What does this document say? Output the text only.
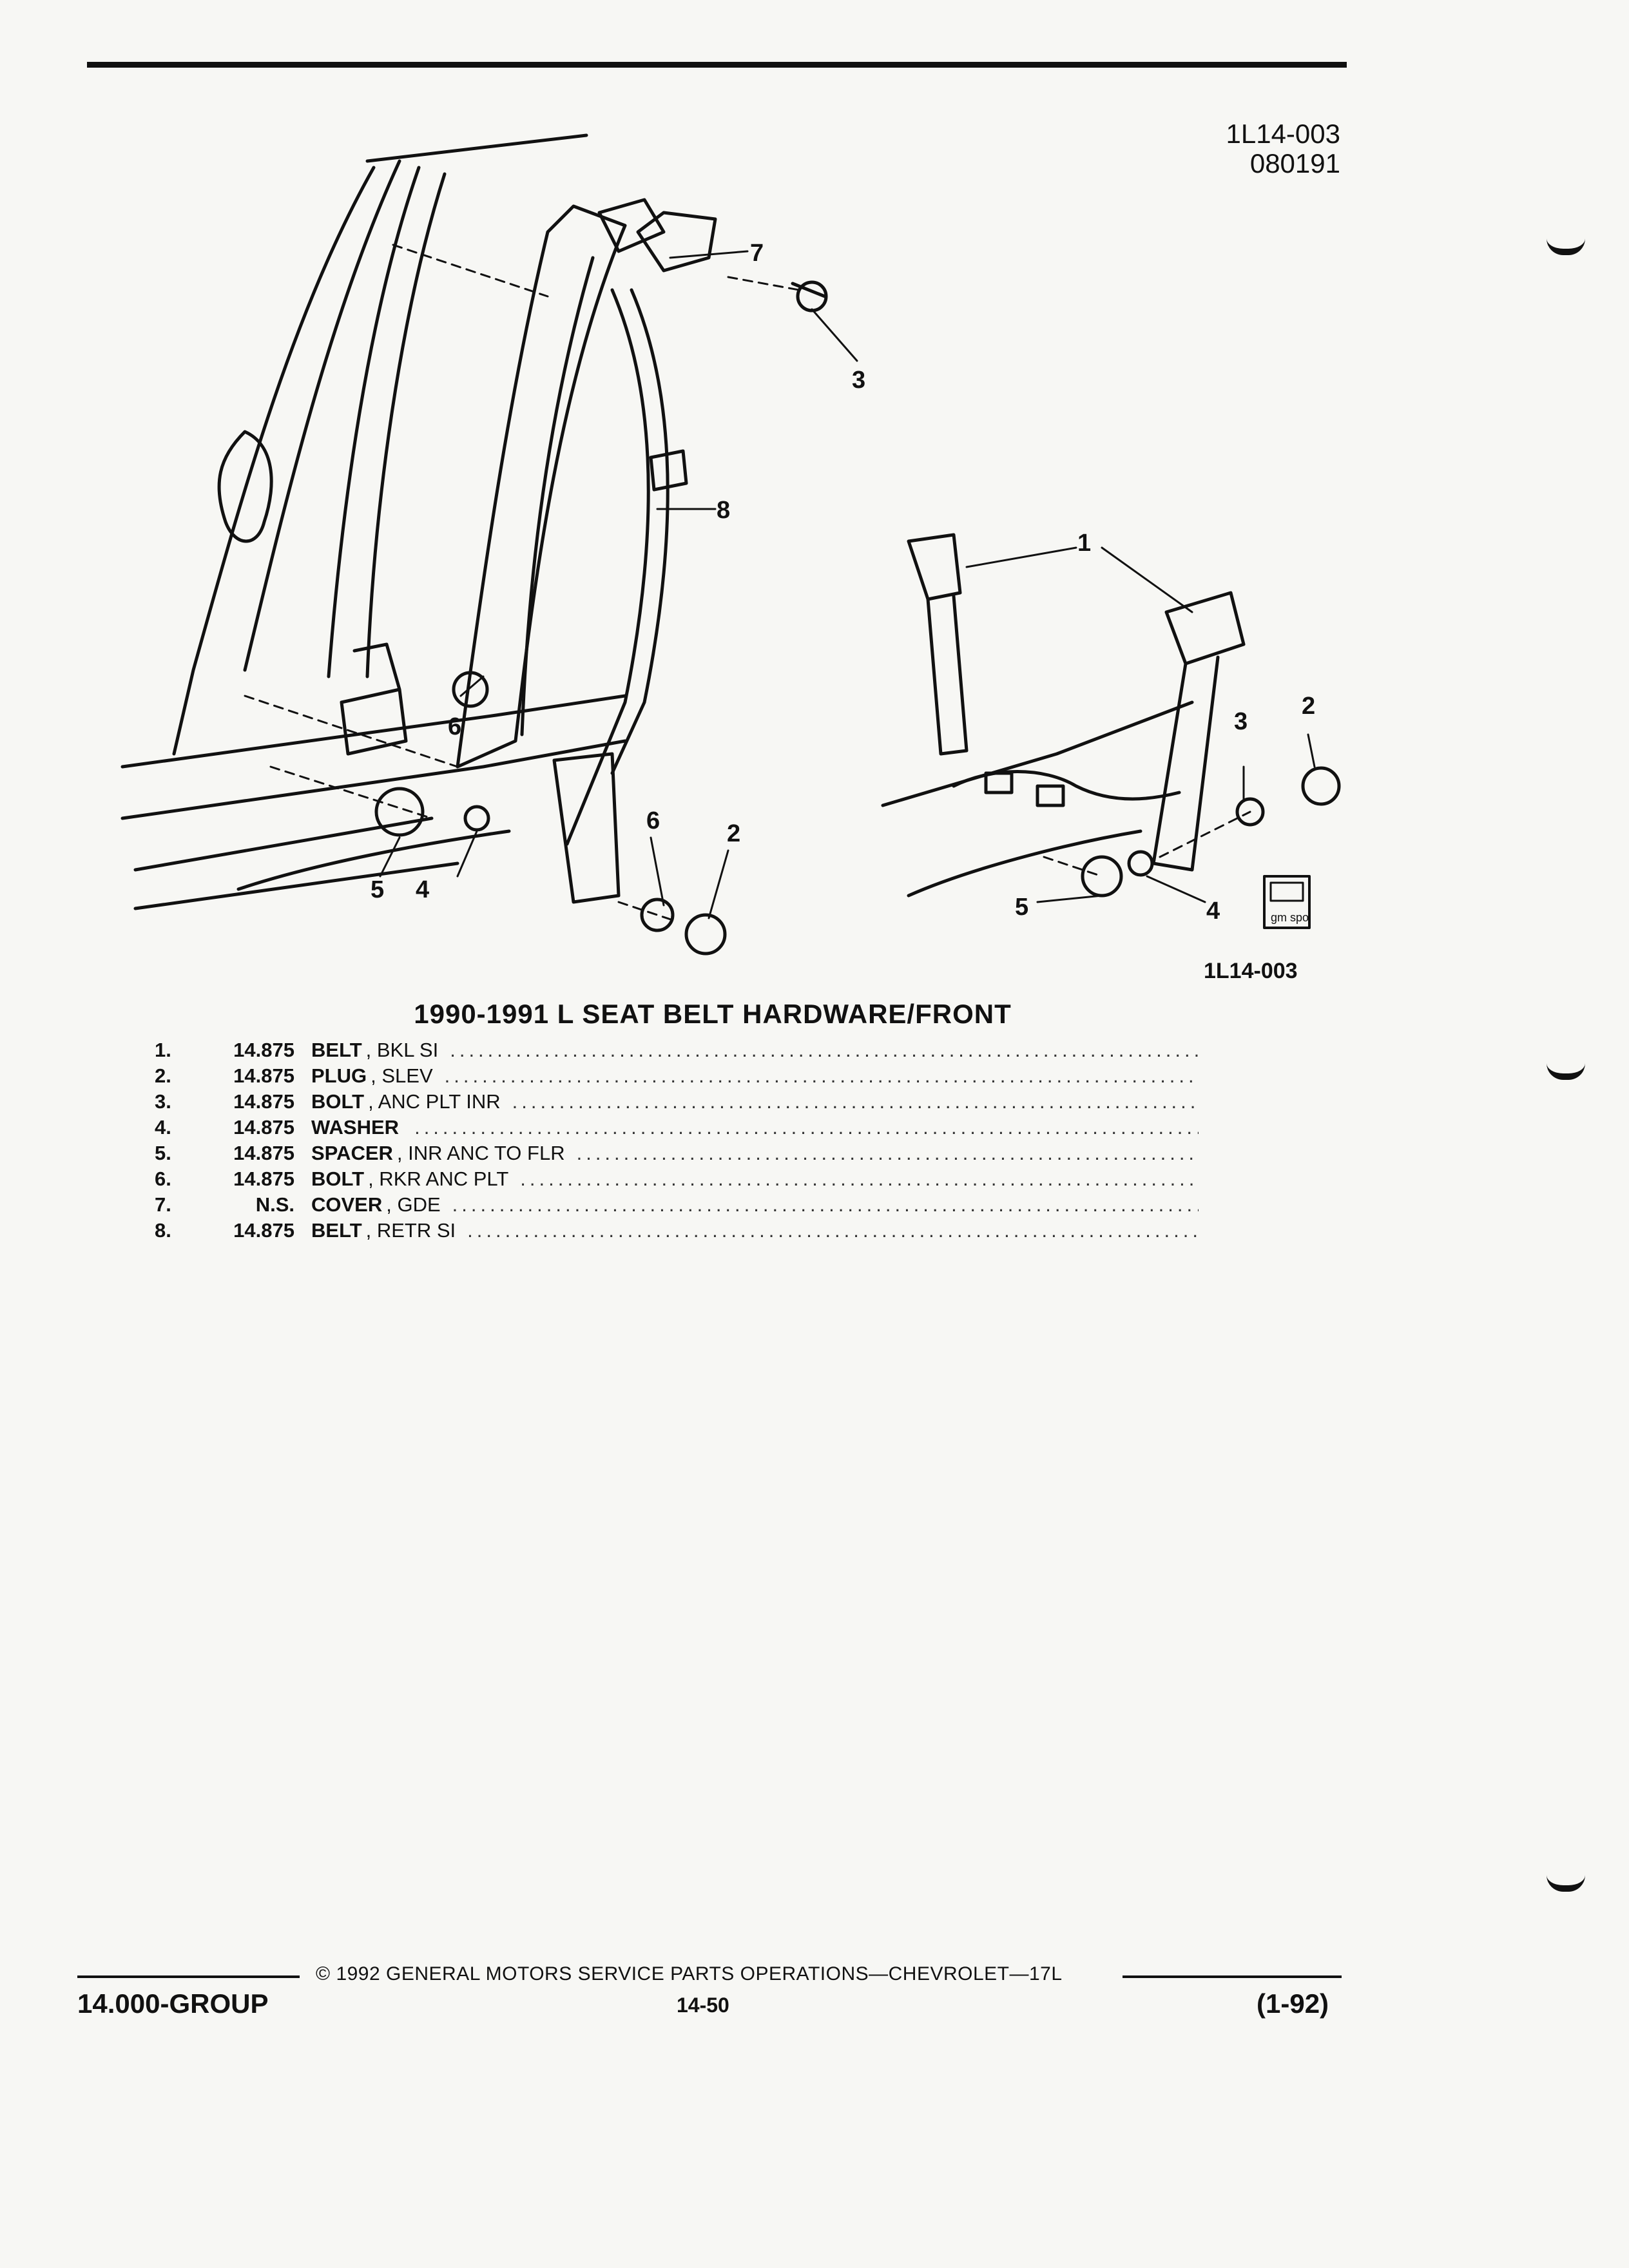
1L14-003
080191
7
3
8
6
5 4
6	2
1
3
2
5	4	gm spo
1L14-003
1990-1991 L SEAT BELT HARDWARE/FRONT
1.	14.875 BELT , BKL SI
.....
2.	14.875 PLUG , SLEV
.....
3.	14.875 BOLT , ANC PLT INR
.....
4.	14.875 WASHER
.....
5.	14.875 SPACER , INR ANC TO FLR
.....
6.	14.875 BOLT , RKR ANC PLT
.....
7.	N.S. COVER , GDE
.....
8.	14.875 BELT , RETR SI
.....
© 1992 GENERAL MOTORS SERVICE PARTS OPERATIONS—CHEVROLET—17L
14.000-GROUP	14-50	(1-92)
